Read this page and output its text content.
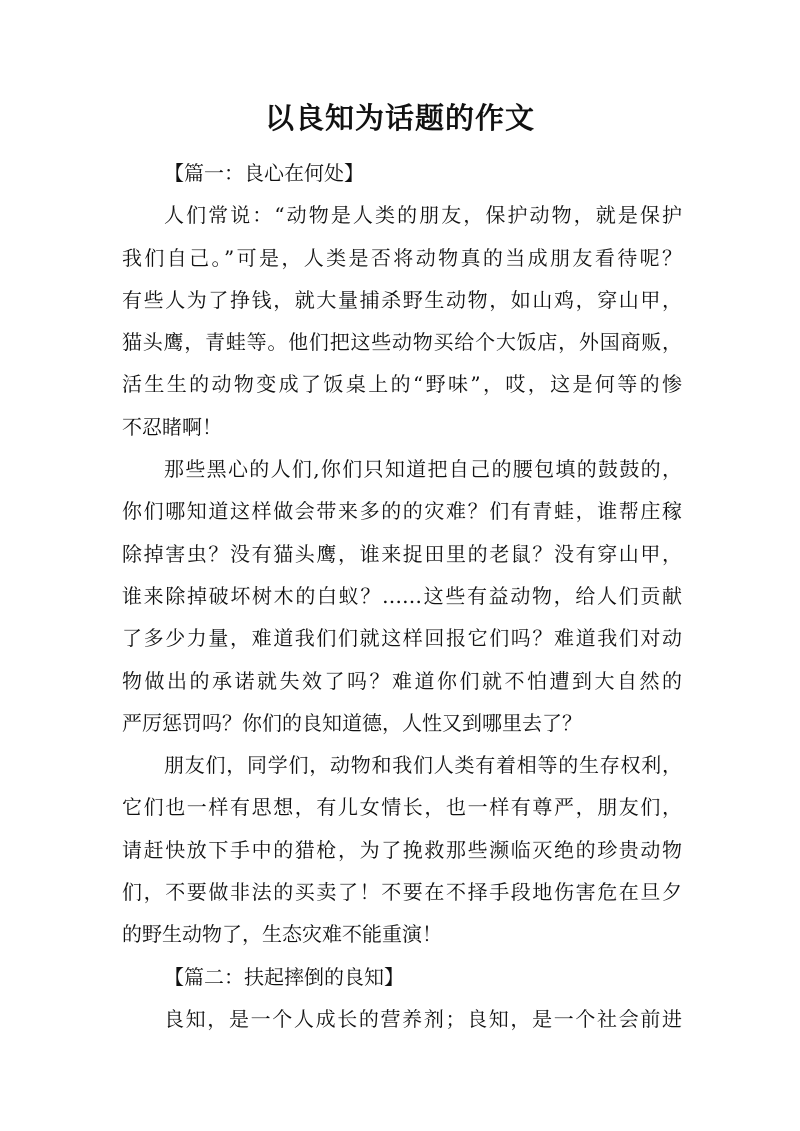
以良知为话题的作文
【篇一：良心在何处】
人们常说：“动物是人类的朋友，保护动物，就是保护
我们自己。”可是，人类是否将动物真的当成朋友看待呢？
有些人为了挣钱，就大量捕杀野生动物，如山鸡，穿山甲，
猫头鹰，青蛙等。他们把这些动物买给个大饭店，外国商贩，
活生生的动物变成了饭桌上的“野味”，哎，这是何等的惨
不忍睹啊！
那些黑心的人们,你们只知道把自己的腰包填的鼓鼓的，
你们哪知道这样做会带来多的的灾难？们有青蛙，谁帮庄稼
除掉害虫？没有猫头鹰，谁来捉田里的老鼠？没有穿山甲，
谁来除掉破坏树木的白蚁？……这些有益动物，给人们贡献
了多少力量，难道我们们就这样回报它们吗？难道我们对动
物做出的承诺就失效了吗？难道你们就不怕遭到大自然的
严厉惩罚吗？你们的良知道德，人性又到哪里去了？
朋友们，同学们，动物和我们人类有着相等的生存权利，
它们也一样有思想，有儿女情长，也一样有尊严，朋友们，
请赶快放下手中的猎枪，为了挽救那些濒临灭绝的珍贵动物
们，不要做非法的买卖了！不要在不择手段地伤害危在旦夕
的野生动物了，生态灾难不能重演！
【篇二：扶起摔倒的良知】
良知，是一个人成长的营养剂；良知，是一个社会前进
